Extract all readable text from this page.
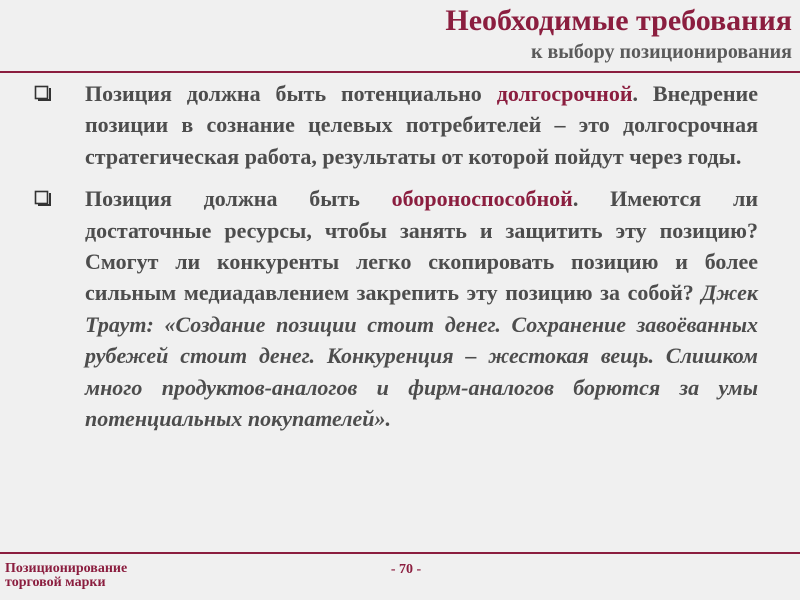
Необходимые требования
к выбору позиционирования
Позиция должна быть потенциально долгосрочной. Внедрение позиции в сознание целевых потребителей – это долгосрочная стратегическая работа, результаты от которой пойдут через годы.
Позиция должна быть обороноспособной. Имеются ли достаточные ресурсы, чтобы занять и защитить эту позицию? Смогут ли конкуренты легко скопировать позицию и более сильным медиадавлением закрепить эту позицию за собой? Джек Траут: «Создание позиции стоит денег. Сохранение завоёванных рубежей стоит денег. Конкуренция – жестокая вещь. Слишком много продуктов-аналогов и фирм-аналогов борются за умы потенциальных покупателей».
Позиционирование
торговой марки
- 70 -
